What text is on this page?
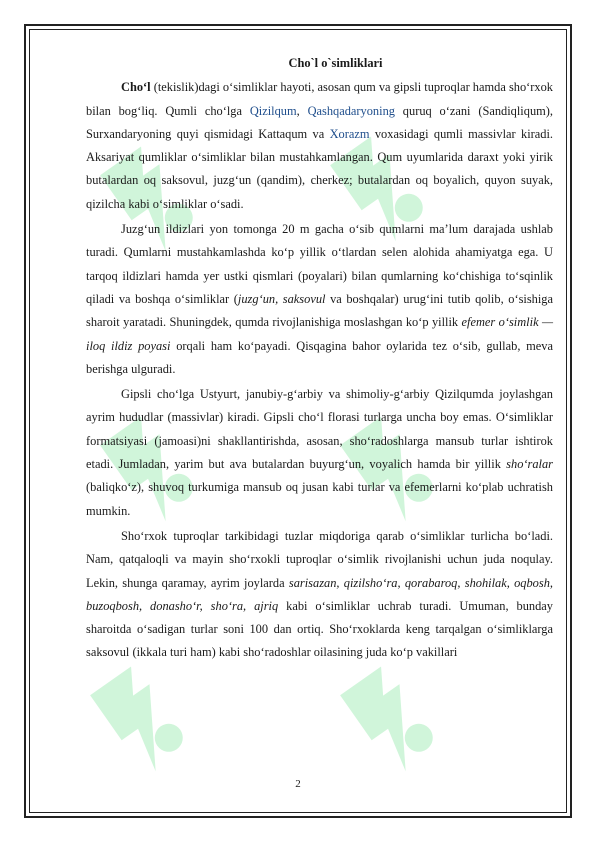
Cho`l o`simliklari

Cho‘l (tekislik)dagi o‘simliklar hayoti, asosan qum va gipsli tuproqlar hamda sho‘rxok bilan bog‘liq. Qumli cho‘lga Qizilqum, Qashqadaryoning quruq o‘zani (Sandiqliqum), Surxandaryoning quyi qismidagi Kattaqum va Xorazm voxasidagi qumli massivlar kiradi. Aksariyat qumliklar o‘simliklar bilan mustahkamlangan. Qum uyumlarida daraxt yoki yirik butalardan oq saksovul, juzg‘un (qandim), cherkez; butalardan oq boyalich, quyon suyak, qizilcha kabi o‘simliklar o‘sadi.

Juzg‘un ildizlari yon tomonga 20 m gacha o‘sib qumlarni ma’lum darajada ushlab turadi. Qumlarni mustahkamlashda ko‘p yillik o‘tlardan selen alohida ahamiyatga ega. U tarqoq ildizlari hamda yer ustki qismlari (poyalari) bilan qumlarning ko‘chishiga to‘sqinlik qiladi va boshqa o‘simliklar (juzg‘un, saksovul va boshqalar) urug‘ini tutib qolib, o‘sishiga sharoit yaratadi. Shuningdek, qumda rivojlanishiga moslashgan ko‘p yillik efemer o‘simlik — iloq ildiz poyasi orqali ham ko‘payadi. Qisqagina bahor oylarida tez o‘sib, gullab, meva berishga ulguradi.

Gipsli cho‘lga Ustyurt, janubiy-g‘arbiy va shimoliy-g‘arbiy Qizilqumda joylashgan ayrim hududlar (massivlar) kiradi. Gipsli cho‘l florasi turlarga uncha boy emas. O‘simliklar formatsiyasi (jamoasi)ni shakllantirishda, asosan, sho‘radoshlarga mansub turlar ishtirok etadi. Jumladan, yarim but ava butalardan buyurg‘un, voyalich hamda bir yillik sho‘ralar (baliqko‘z), shuvoq turkumiga mansub oq jusan kabi turlar va efemerlarni ko‘plab uchratish mumkin.

Sho‘rxok tuproqlar tarkibidagi tuzlar miqdoriga qarab o‘simliklar turlicha bo‘ladi. Nam, qatqaloqli va mayin sho‘rxokli tuproqlar o‘simlik rivojlanishi uchun juda noqulay. Lekin, shunga qaramay, ayrim joylarda sarisazan, qizilsho‘ra, qorabaroq, shohilak, oqbosh, buzoqbosh, donasho‘r, sho‘ra, ajriq kabi o‘simliklar uchrab turadi. Umuman, bunday sharoitda o‘sadigan turlar soni 100 dan ortiq. Sho‘rxoklarda keng tarqalgan o‘simliklarga saksovul (ikkala turi ham) kabi sho‘radoshlar oilasining juda ko‘p vakillari

2
